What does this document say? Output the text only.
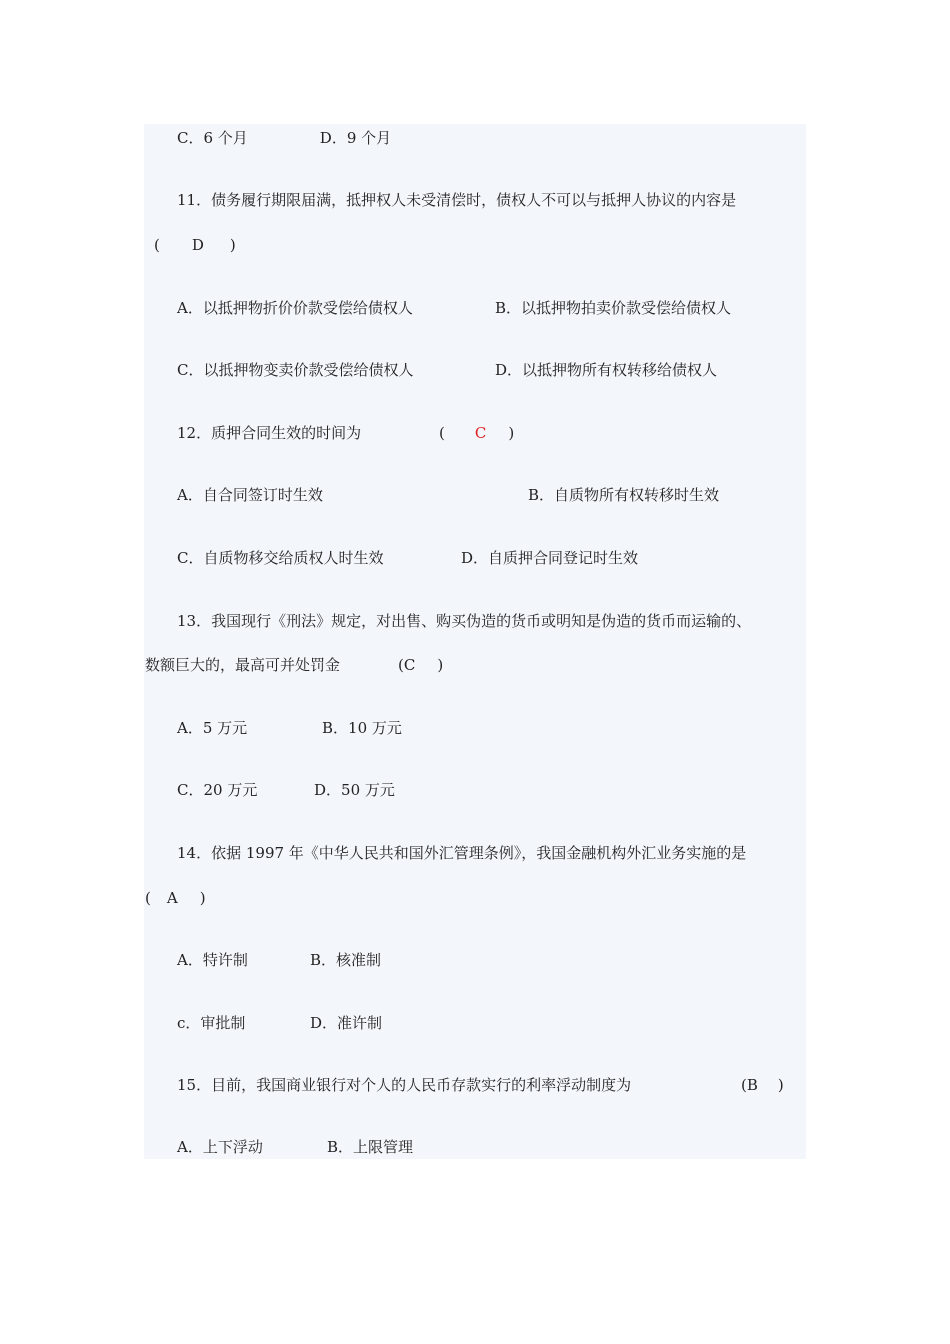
C．6 个月	D．9 个月
11．债务履行期限届满，抵押权人未受清偿时，债权人不可以与抵押人协议的内容是
( D )
A．以抵押物折价价款受偿给债权人	B．以抵押物拍卖价款受偿给债权人
C．以抵押物变卖价款受偿给债权人	D．以抵押物所有权转移给债权人
12．质押合同生效的时间为	( C )
A．自合同签订时生效	B．自质物所有权转移时生效
C．自质物移交给质权人时生效	D．自质押合同登记时生效
13．我国现行《刑法》规定，对出售、购买伪造的货币或明知是伪造的货币而运输的、
数额巨大的，最高可并处罚金	(C )
A．5 万元	B．10 万元
C．20 万元	D．50 万元
14．依据 1997 年《中华人民共和国外汇管理条例》，我国金融机构外汇业务实施的是
( A )
A．特许制	B．核准制
c．审批制	D．准许制
15．目前，我国商业银行对个人的人民币存款实行的利率浮动制度为	(B )
A．上下浮动	B．上限管理
